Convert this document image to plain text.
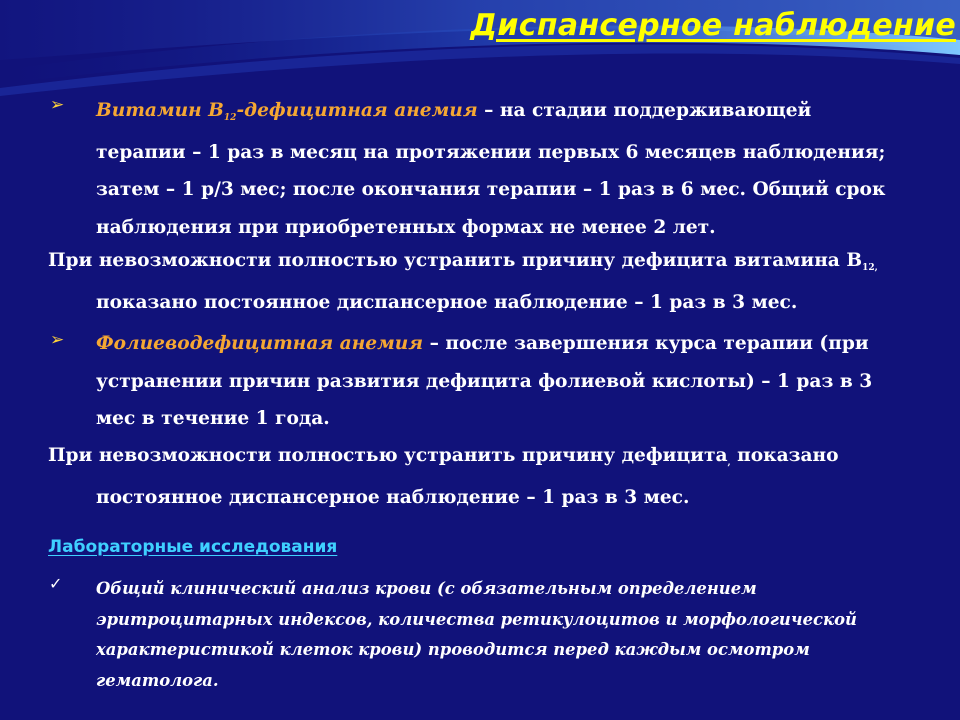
Диспансерное наблюдение
➢ Витамин $В_{12}$-дефицитная анемия – на стадии поддерживающей
терапии – 1 раз в месяц на протяжении первых 6 месяцев наблюдения;
затем – 1 р/3 мес; после окончания терапии – 1 раз в 6 мес. Общий срок
наблюдения при приобретенных формах не менее 2 лет.
При невозможности полностью устранить причину дефицита витамина $В_{12,}$
показано постоянное диспансерное наблюдение – 1 раз в 3 мес.
➢ Фолиеводефицитная анемия – после завершения курса терапии (при
устранении причин развития дефицита фолиевой кислоты) – 1 раз в 3
мес в течение 1 года.
При невозможности полностью устранить причину дефицита$_,$ показано
постоянное диспансерное наблюдение – 1 раз в 3 мес.
Лабораторные исследования
✓ Общий клинический анализ крови (с обязательным определением
эритроцитарных индексов, количества ретикулоцитов и морфологической
характеристикой клеток крови) проводится перед каждым осмотром
гематолога.
